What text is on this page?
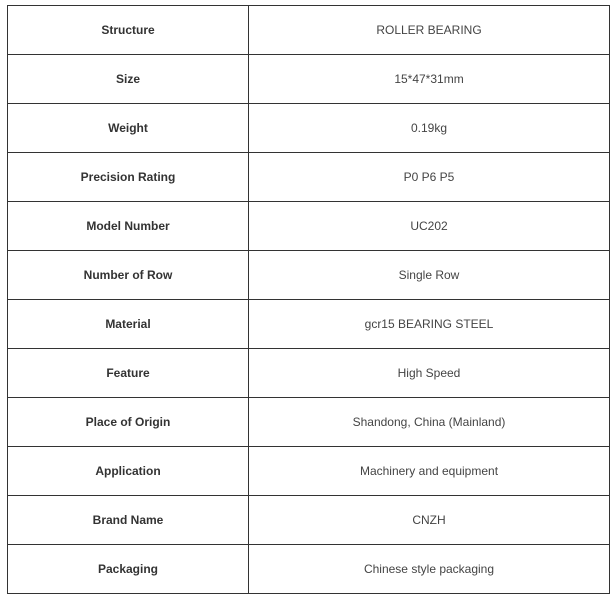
Structure	ROLLER BEARING
Size	15*47*31mm
Weight	0.19kg
Precision Rating	P0 P6 P5
Model Number	UC202
Number of Row	Single Row
Material	gcr15 BEARING STEEL
Feature	High Speed
Place of Origin	Shandong, China (Mainland)
Application	Machinery and equipment
Brand Name	CNZH
Packaging	Chinese style packaging
